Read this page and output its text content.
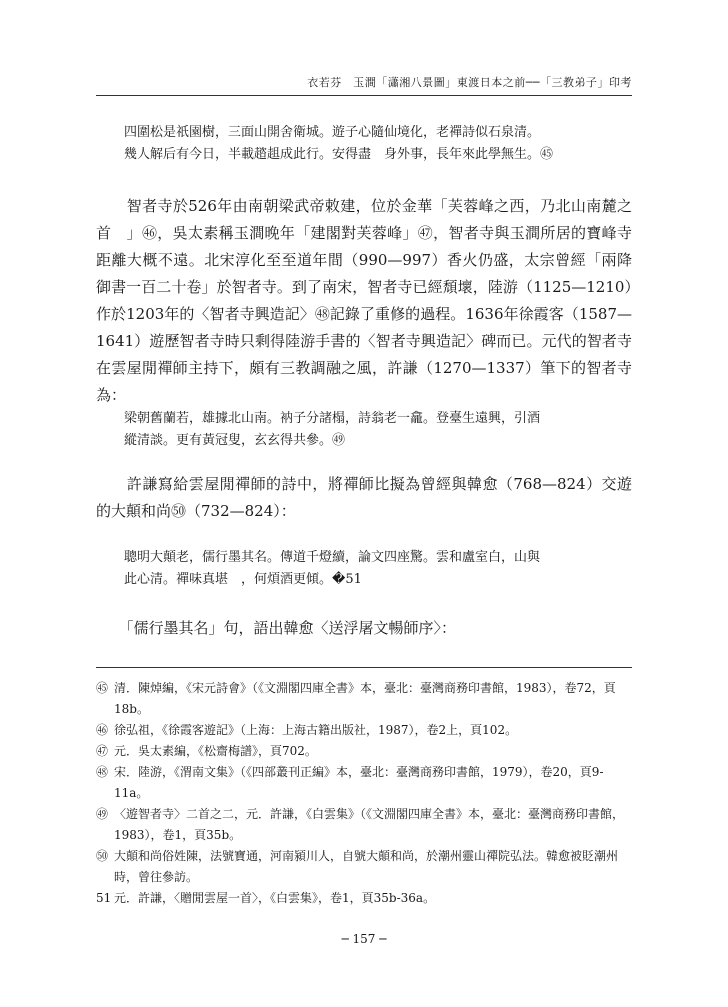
衣若芬　玉澗「瀟湘八景圖」東渡日本之前──「三教弟子」印考
四圍松是祇園樹，三面山開舍衛城。遊子心隨仙境化，老禪詩似石泉清。
幾人解后有今日，半載趦趄成此行。安得盡　身外事，長年來此學無生。㊺

　　智者寺於526年由南朝梁武帝敕建，位於金華「芙蓉峰之西，乃北山南麓之首　」㊻，吳太素稱玉澗晚年「建閣對芙蓉峰」㊼，智者寺與玉澗所居的寶峰寺距離大概不遠。北宋淳化至至道年間（990—997）香火仍盛，太宗曾經「兩降御書一百二十卷」於智者寺。到了南宋，智者寺已經頹壞，陸游（1125—1210）作於1203年的〈智者寺興造記〉㊽記錄了重修的過程。1636年徐霞客（1587—1641）遊歷智者寺時只剩得陸游手書的〈智者寺興造記〉碑而已。元代的智者寺在雲屋閒禪師主持下，頗有三教調融之風，許謙（1270—1337）筆下的智者寺為：

梁朝舊蘭若，雄據北山南。衲子分諸榻，詩翁老一龕。登臺生遠興，引酒
縱清談。更有黃冠叟，玄玄得共參。㊾

　　許謙寫給雲屋閒禪師的詩中，將禪師比擬為曾經與韓愈（768—824）交遊的大顛和尚㊿（732—824）：

聰明大顛老，儒行墨其名。傳道千燈續，論文四座驚。雲和盧室白，山與
此心清。禪味真堪　，何煩酒更傾。�51

　　「儒行墨其名」句，語出韓愈〈送浮屠文暢師序〉：

㊺ 清．陳焯編，《宋元詩會》（《文淵閣四庫全書》本，臺北：臺灣商務印書館，1983），卷72，頁18b。
㊻ 徐弘祖，《徐霞客遊記》（上海：上海古籍出版社，1987），卷2上，頁102。
㊼ 元．吳太素編，《松齋梅譜》，頁702。
㊽ 宋．陸游，《渭南文集》（《四部叢刊正編》本，臺北：臺灣商務印書館，1979），卷20，頁9-11a。
㊾ 〈遊智者寺〉二首之二，元．許謙，《白雲集》（《文淵閣四庫全書》本，臺北：臺灣商務印書館，1983），卷1，頁35b。
㊿ 大顛和尚俗姓陳，法號寶通，河南潁川人，自號大顛和尚，於潮州靈山禪院弘法。韓愈被貶潮州時，曾往參訪。
51 元．許謙，〈贈閒雲屋一首〉，《白雲集》，卷1，頁35b-36a。
─ 157 ─
